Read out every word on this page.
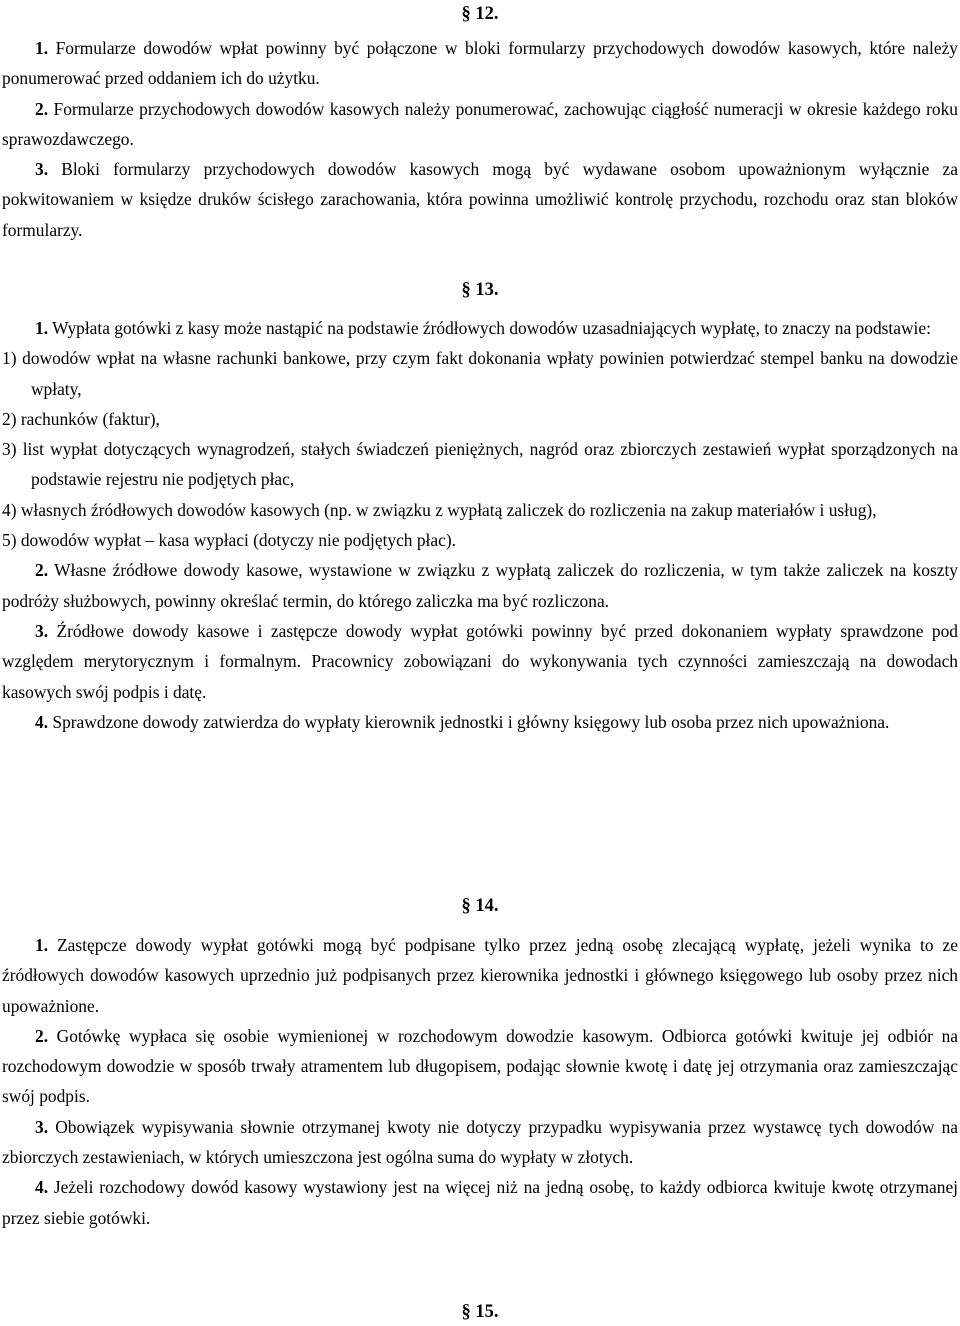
§ 12.

1. Formularze dowodów wpłat powinny być połączone w bloki formularzy przychodowych dowodów kasowych, które należy ponumerować przed oddaniem ich do użytku.

2. Formularze przychodowych dowodów kasowych należy ponumerować, zachowując ciągłość numeracji w okresie każdego roku sprawozdawczego.

3. Bloki formularzy przychodowych dowodów kasowych mogą być wydawane osobom upoważnionym wyłącznie za pokwitowaniem w księdze druków ścisłego zarachowania, która powinna umożliwić kontrolę przychodu, rozchodu oraz stan bloków formularzy.

§ 13.

1. Wypłata gotówki z kasy może nastąpić na podstawie źródłowych dowodów uzasadniających wypłatę, to znaczy na podstawie:

1) dowodów wpłat na własne rachunki bankowe, przy czym fakt dokonania wpłaty powinien potwierdzać stempel banku na dowodzie wpłaty,
2) rachunków (faktur),
3) list wypłat dotyczących wynagrodzeń, stałych świadczeń pieniężnych, nagród oraz zbiorczych zestawień wypłat sporządzonych na podstawie rejestru nie podjętych płac,
4) własnych źródłowych dowodów kasowych (np. w związku z wypłatą zaliczek do rozliczenia na zakup materiałów i usług),
5) dowodów wypłat – kasa wypłaci (dotyczy nie podjętych płac).

2. Własne źródłowe dowody kasowe, wystawione w związku z wypłatą zaliczek do rozliczenia, w tym także zaliczek na koszty podróży służbowych, powinny określać termin, do którego zaliczka ma być rozliczona.

3. Źródłowe dowody kasowe i zastępcze dowody wypłat gotówki powinny być przed dokonaniem wypłaty sprawdzone pod względem merytorycznym i formalnym. Pracownicy zobowiązani do wykonywania tych czynności zamieszczają na dowodach kasowych swój podpis i datę.

4. Sprawdzone dowody zatwierdza do wypłaty kierownik jednostki i główny księgowy lub osoba przez nich upoważniona.

§ 14.

1. Zastępcze dowody wypłat gotówki mogą być podpisane tylko przez jedną osobę zlecającą wypłatę, jeżeli wynika to ze źródłowych dowodów kasowych uprzednio już podpisanych przez kierownika jednostki i głównego księgowego lub osoby przez nich upoważnione.

2. Gotówkę wypłaca się osobie wymienionej w rozchodowym dowodzie kasowym. Odbiorca gotówki kwituje jej odbiór na rozchodowym dowodzie w sposób trwały atramentem lub długopisem, podając słownie kwotę i datę jej otrzymania oraz zamieszczając swój podpis.

3. Obowiązek wypisywania słownie otrzymanej kwoty nie dotyczy przypadku wypisywania przez wystawcę tych dowodów na zbiorczych zestawieniach, w których umieszczona jest ogólna suma do wypłaty w złotych.

4. Jeżeli rozchodowy dowód kasowy wystawiony jest na więcej niż na jedną osobę, to każdy odbiorca kwituje kwotę otrzymanej przez siebie gotówki.

§ 15.
